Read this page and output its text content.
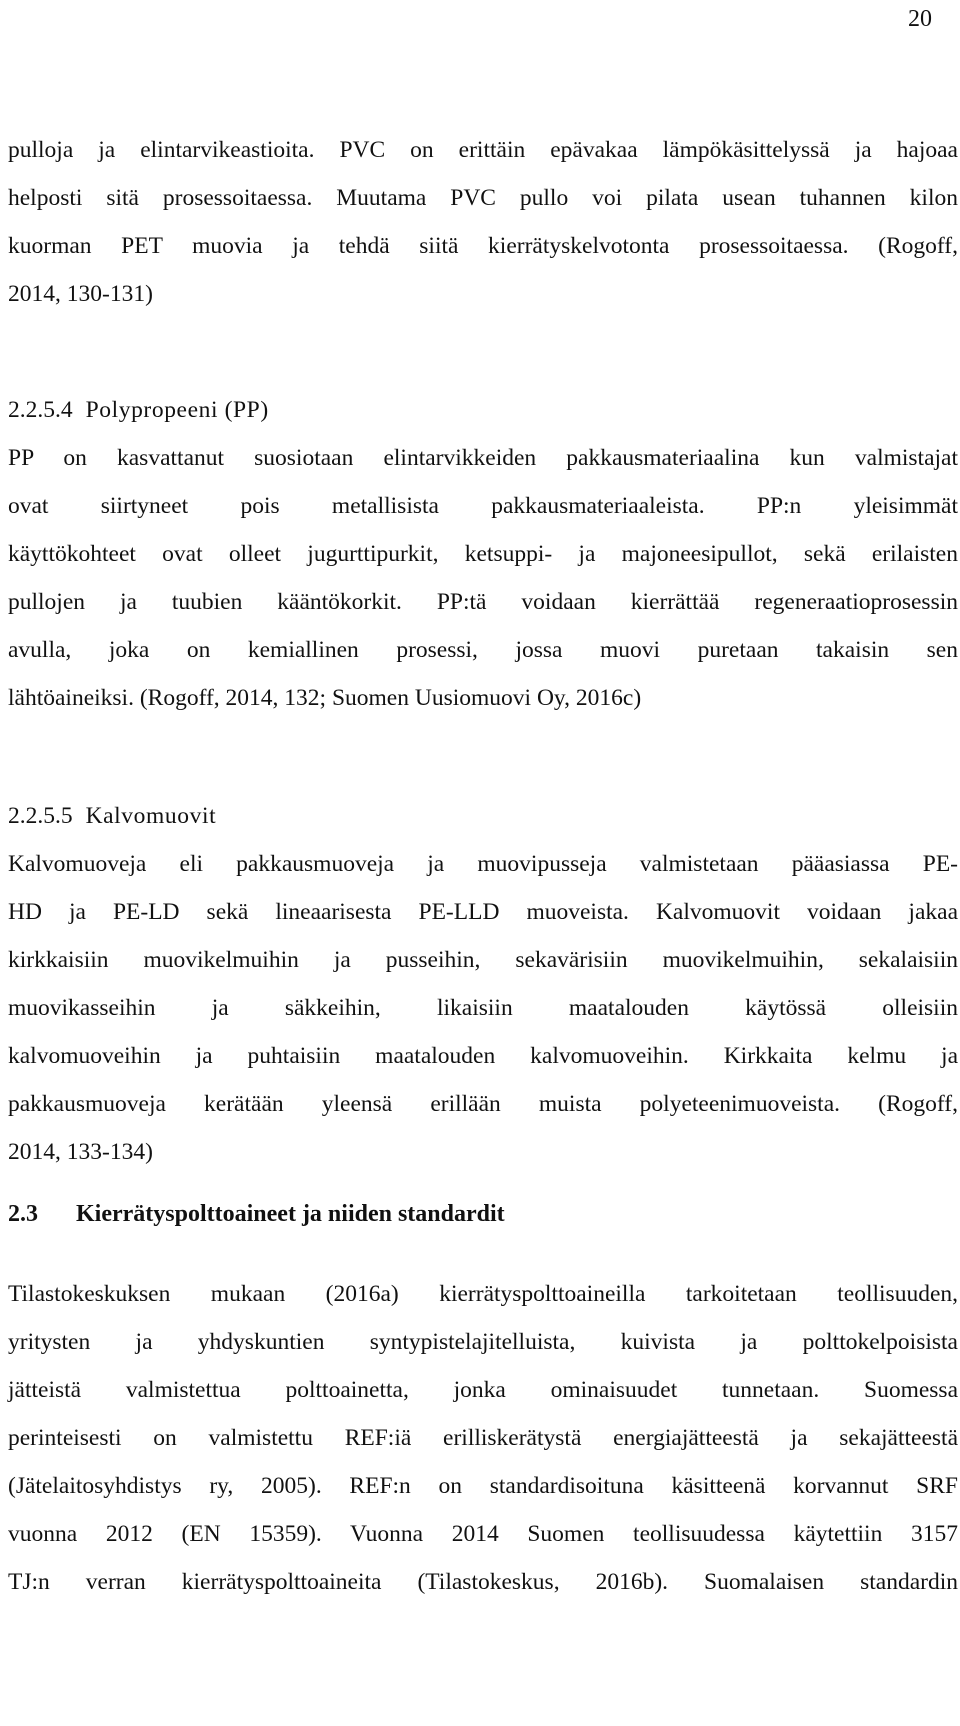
20
pulloja ja elintarvikeastioita. PVC on erittäin epävakaa lämpökäsittelyssä ja hajoaa
helposti sitä prosessoitaessa. Muutama PVC pullo voi pilata usean tuhannen kilon
kuorman PET muovia ja tehdä siitä kierrätyskelvotonta prosessoitaessa. (Rogoff,
2014, 130-131)
2.2.5.4 Polypropeeni (PP)
PP on kasvattanut suosiotaan elintarvikkeiden pakkausmateriaalina kun valmistajat
ovat siirtyneet pois metallisista pakkausmateriaaleista. PP:n yleisimmät
käyttökohteet ovat olleet jugurttipurkit, ketsuppi- ja majoneesipullot, sekä erilaisten
pullojen ja tuubien kääntökorkit. PP:tä voidaan kierrättää regeneraatioprosessin
avulla, joka on kemiallinen prosessi, jossa muovi puretaan takaisin sen
lähtöaineiksi. (Rogoff, 2014, 132; Suomen Uusiomuovi Oy, 2016c)
2.2.5.5 Kalvomuovit
Kalvomuoveja eli pakkausmuoveja ja muovipusseja valmistetaan pääasiassa PE-
HD ja PE-LD sekä lineaarisesta PE-LLD muoveista. Kalvomuovit voidaan jakaa
kirkkaisiin muovikelmuihin ja pusseihin, sekavärisiin muovikelmuihin, sekalaisiin
muovikasseihin ja säkkeihin, likaisiin maatalouden käytössä olleisiin
kalvomuoveihin ja puhtaisiin maatalouden kalvomuoveihin. Kirkkaita kelmu ja
pakkausmuoveja kerätään yleensä erillään muista polyeteenimuoveista. (Rogoff,
2014, 133-134)
2.3 Kierrätyspolttoaineet ja niiden standardit
Tilastokeskuksen mukaan (2016a) kierrätyspolttoaineilla tarkoitetaan teollisuuden,
yritysten ja yhdyskuntien syntypistelajitelluista, kuivista ja polttokelpoisista
jätteistä valmistettua polttoainetta, jonka ominaisuudet tunnetaan. Suomessa
perinteisesti on valmistettu REF:iä erilliskerätystä energiajätteestä ja sekajätteestä
(Jätelaitosyhdistys ry, 2005). REF:n on standardisoituna käsitteenä korvannut SRF
vuonna 2012 (EN 15359). Vuonna 2014 Suomen teollisuudessa käytettiin 3157
TJ:n verran kierrätyspolttoaineita (Tilastokeskus, 2016b). Suomalaisen standardin
